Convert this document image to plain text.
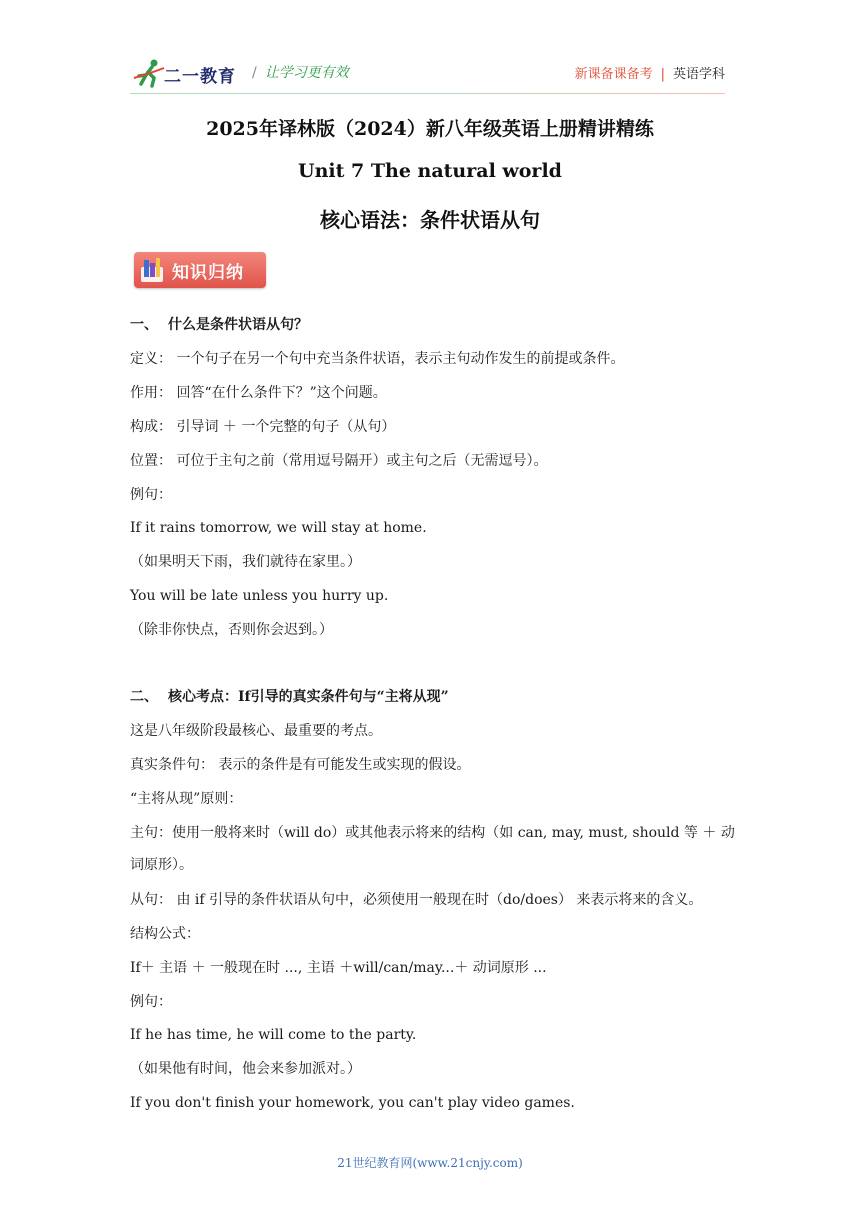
二一教育 / 让学习更有效	新课备课备考 | 英语学科
2025年译林版（2024）新八年级英语上册精讲精练
Unit 7 The natural world
核心语法：条件状语从句
知识归纳
一、 什么是条件状语从句？
定义： 一个句子在另一个句中充当条件状语，表示主句动作发生的前提或条件。
作用： 回答“在什么条件下？”这个问题。
构成： 引导词 ＋ 一个完整的句子（从句）
位置： 可位于主句之前（常用逗号隔开）或主句之后（无需逗号）。
例句：
If it rains tomorrow, we will stay at home.
（如果明天下雨，我们就待在家里。）
You will be late unless you hurry up.
（除非你快点，否则你会迟到。）
二、 核心考点：If引导的真实条件句与“主将从现”
这是八年级阶段最核心、最重要的考点。
真实条件句： 表示的条件是有可能发生或实现的假设。
“主将从现”原则：
主句：使用一般将来时（will do）或其他表示将来的结构（如 can, may, must, should 等 ＋ 动
词原形）。
从句： 由 if 引导的条件状语从句中，必须使用一般现在时（do/does） 来表示将来的含义。
结构公式：
If＋ 主语 ＋ 一般现在时 ..., 主语 ＋will/can/may...＋ 动词原形 ...
例句：
If he has time, he will come to the party.
（如果他有时间，他会来参加派对。）
If you don't finish your homework, you can't play video games.
21世纪教育网(www.21cnjy.com)
